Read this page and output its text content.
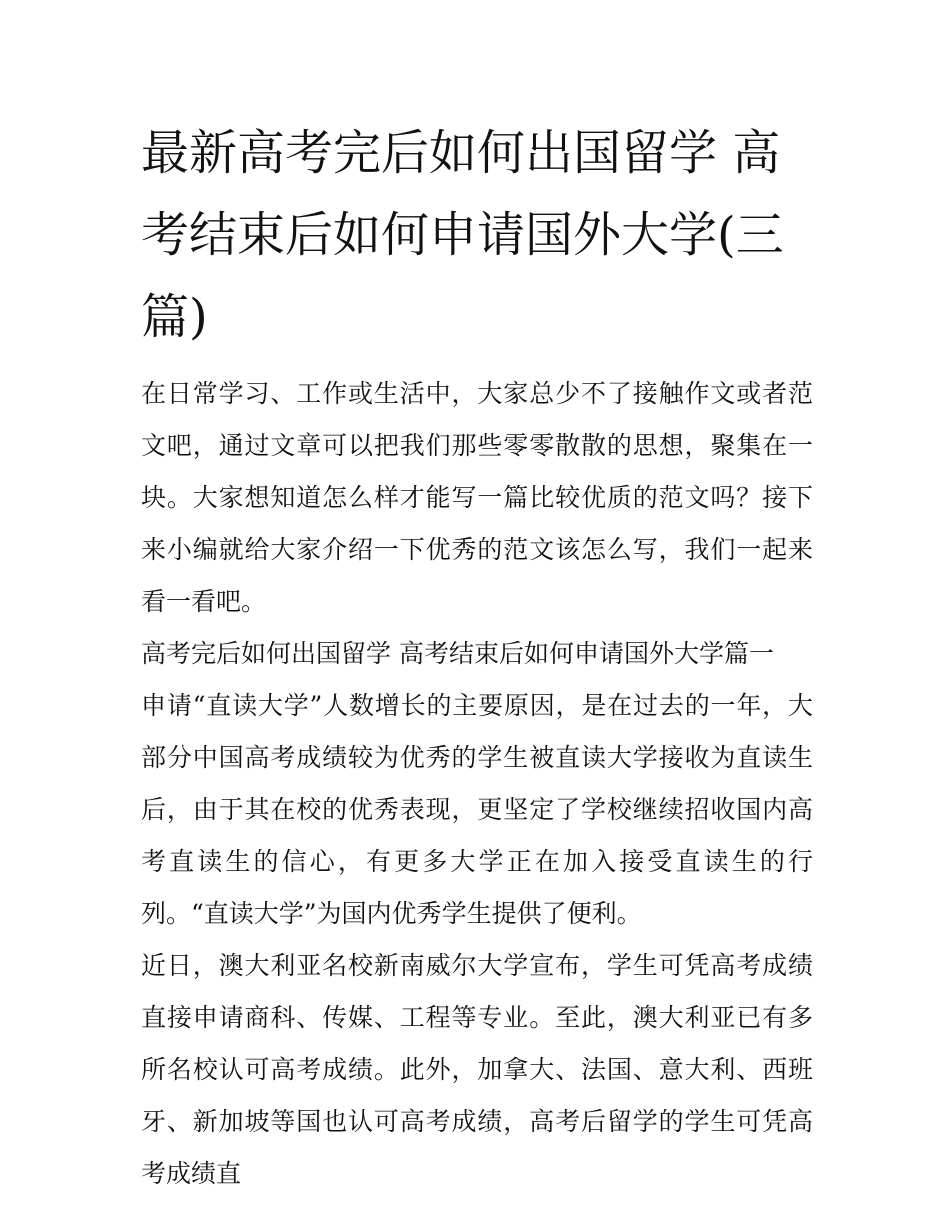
最新高考完后如何出国留学 高考结束后如何申请国外大学(三篇)

在日常学习、工作或生活中，大家总少不了接触作文或者范文吧，通过文章可以把我们那些零零散散的思想，聚集在一块。大家想知道怎么样才能写一篇比较优质的范文吗？接下来小编就给大家介绍一下优秀的范文该怎么写，我们一起来看一看吧。

高考完后如何出国留学 高考结束后如何申请国外大学篇一

申请“直读大学”人数增长的主要原因，是在过去的一年，大部分中国高考成绩较为优秀的学生被直读大学接收为直读生后，由于其在校的优秀表现，更坚定了学校继续招收国内高考直读生的信心，有更多大学正在加入接受直读生的行列。“直读大学”为国内优秀学生提供了便利。

近日，澳大利亚名校新南威尔大学宣布，学生可凭高考成绩直接申请商科、传媒、工程等专业。至此，澳大利亚已有多所名校认可高考成绩。此外，加拿大、法国、意大利、西班牙、新加坡等国也认可高考成绩，高考后留学的学生可凭高考成绩直
